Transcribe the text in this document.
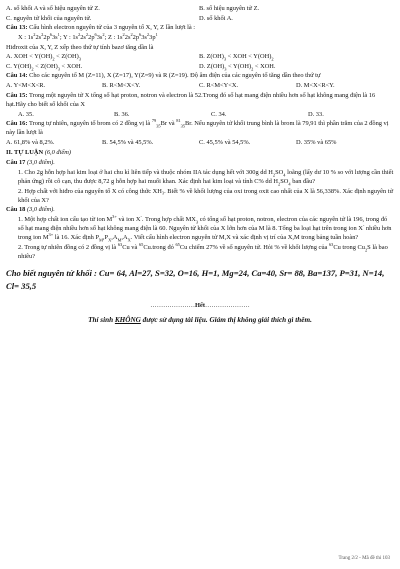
A. số khối A và số hiệu nguyên tử Z.	B. số hiệu nguyên tử Z.
C. nguyên tử khối của nguyên tử.	D. số khối A.

Câu 13: Cấu hình electron nguyên tử của 3 nguyên tố X, Y, Z lần lượt là :

X : $1s^22s^22p^63s^1$; Y : $1s^22s^22p^63s^2$; Z : $1s^22s^22p^63s^23p^1$

Hiđroxit của X, Y, Z xếp theo thứ tự tính bazơ tăng dần là

A. XOH < $Y(OH)_2 < Z(OH)_3$	B. $Z(OH)_3$ < XOH < $Y(OH)_2$
C. $Y(OH)_2 < Z(OH)_3$ < XOH.	D. $Z(OH)_3 < Y(OH)_2$ < XOH.

Câu 14: Cho các nguyên tố M (Z=11), X (Z=17), Y(Z=9) và R (Z=19). Độ âm điện của các nguyên tố tăng dần theo thứ tự

A. Y<M<X<R.	B. R<M<X<Y.	C. R<M<Y<X.	D. M<X<R<Y.

Câu 15: Trong một nguyên tử X tổng số hạt proton, notron và electron là 52.Trong đó số hạt mang điện nhiều hơn số hạt không mang điện là 16 hạt.Hãy cho biết số khối của X

A. 35.	B. 36.	C. 34.	D. 33.

Câu 16: Trong tự nhiên, nguyên tố brom có 2 đồng vị là $^{79}_{35}$Br và $^{81}_{35}$Br. Nếu nguyên tử khối trung bình là brom là 79,91 thì phần trăm của 2 đồng vị này lần lượt là

A. 61,8% và 8,2%.	B. 54,5% và 45,5%.	C. 45,5% và 54,5%.	D. 35% và 65%

II. TỰ LUẬN (6,0 điểm)

Câu 17 (3,0 điểm).

1. Cho 2g hỗn hợp hai kim loại ở hai chu kì liên tiếp và thuộc nhóm IIA tác dụng hết với 300g dd $H_2SO_4$ loãng (lấy dư 10 % so với lượng cần thiết phản ứng) rồi cô cạn, thu được 8,72 g hỗn hợp hai muối khan. Xác định hai kim loại và tính C% dd $H_2SO_4$ ban đầu?

2. Hợp chất với hiđro của nguyên tố X có công thức XH₃. Biết % về khối lượng của oxi trong oxit cao nhất của X là 56,338%. Xác định nguyên tử khối của X?

Câu 18 (3,0 điểm).

1. Một hợp chất ion cấu tạo từ ion $M^{3+}$ và ion X-. Trong hợp chất $MX_3$ có tổng số hạt proton, notron, electron của các nguyên tử là 196, trong đó số hạt mang điện nhiều hơn số hạt không mang điện là 60. Nguyên tử khối của X lớn hơn của M là 8. Tổng ba loại hạt trên trong ion X- nhiều hơn trong ion $M^{3+}$ là 16. Xác định $P_M,P_X,A_M,A_X$. Viết cấu hình electron nguyên tử M,X và xác định vị trí của X,M trong bảng tuần hoàn?

2. Trong tự nhiên đồng có 2 đồng vị là $^{63}$Cu và $^{65}$Cu.trong đó $^{65}$Cu chiếm 27% về số nguyên tử. Hỏi % về khối lượng của $^{63}$Cu trong $Cu_2S$ là bao nhiêu?

Cho biết nguyên tử khối : Cu= 64, Al=27, S=32, O=16, H=1, Mg=24, Ca=40, Sr= 88, Ba=137, P=31, N=14, Cl= 35,5

…………………Hết…………………

Thí sinh KHÔNG được sử dụng tài liệu. Giám thị không giải thích gì thêm.

Trang 2/2 - Mã đề thi 103
